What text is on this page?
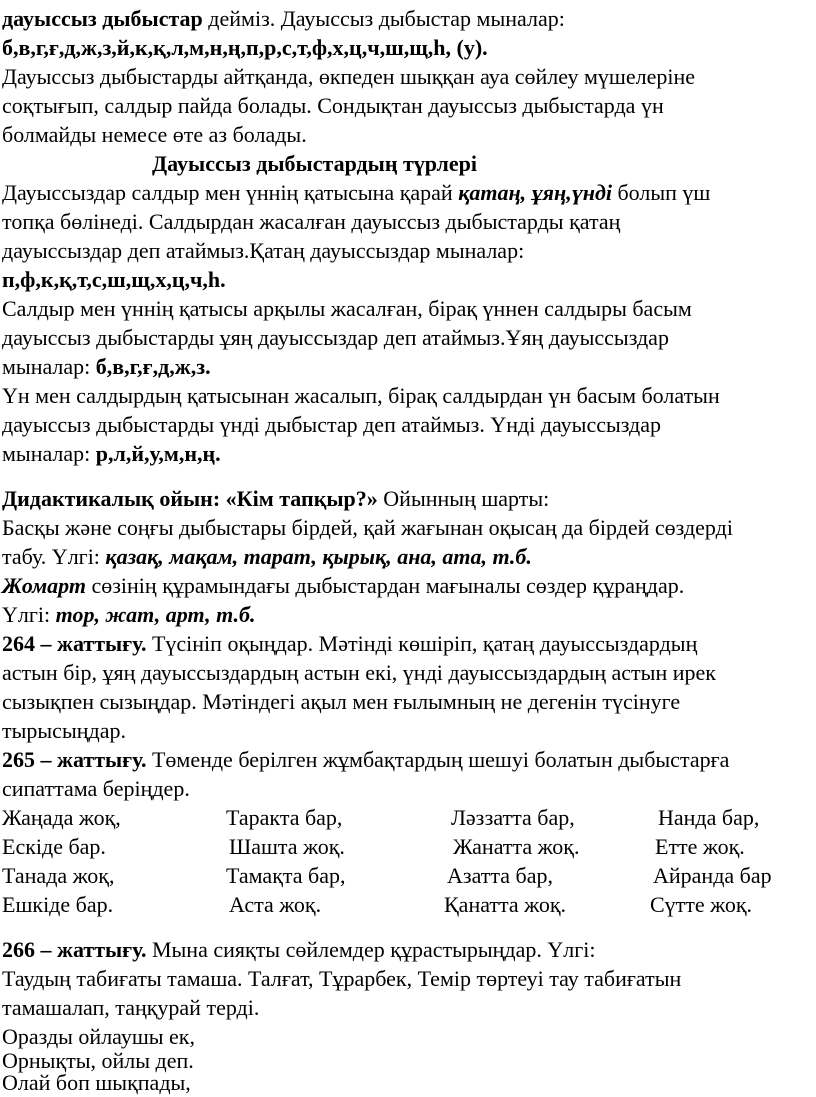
дауыссыз дыбыстар дейміз. Дауыссыз дыбыстар мыналар:
б,в,г,ғ,д,ж,з,й,к,қ,л,м,н,ң,п,р,с,т,ф,х,ц,ч,ш,щ,һ, (у).
Дауыссыз дыбыстарды айтқанда, өкпеден шыққан ауа сөйлеу мүшелеріне
соқтығып, салдыр пайда болады. Сондықтан дауыссыз дыбыстарда үн
болмайды немесе өте аз болады.
Дауыссыз дыбыстардың түрлері
Дауыссыздар салдыр мен үннің қатысына қарай қатаң, ұяң,үнді болып үш
топқа бөлінеді. Салдырдан жасалған дауыссыз дыбыстарды қатаң
дауыссыздар деп атаймыз.Қатаң дауыссыздар мыналар:
п,ф,к,қ,т,с,ш,щ,х,ц,ч,һ.
Салдыр мен үннің қатысы арқылы жасалған, бірақ үннен салдыры басым
дауыссыз дыбыстарды ұяң дауыссыздар деп атаймыз.Ұяң дауыссыздар
мыналар: б,в,г,ғ,д,ж,з.
Үн мен салдырдың қатысынан жасалып, бірақ салдырдан үн басым болатын
дауыссыз дыбыстарды үнді дыбыстар деп атаймыз. Үнді дауыссыздар
мыналар: р,л,й,у,м,н,ң.
Дидактикалық ойын: «Кім тапқыр?» Ойынның шарты:
Басқы және соңғы дыбыстары бірдей, қай жағынан оқысаң да бірдей сөздерді
табу. Үлгі: қазақ, мақам, тарат, қырық, ана, ата, т.б.
Жомарт сөзінің құрамындағы дыбыстардан мағыналы сөздер құраңдар.
Үлгі: тор, жат, арт, т.б.
264 – жаттығу. Түсініп оқыңдар. Мәтінді көшіріп, қатаң дауыссыздардың
астын бір, ұяң дауыссыздардың астын екі, үнді дауыссыздардың астын ирек
сызықпен сызыңдар. Мәтіндегі ақыл мен ғылымның не дегенін түсінуге
тырысыңдар.
265 – жаттығу. Төменде берілген жұмбақтардың шешуі болатын дыбыстарға
сипаттама беріңдер.
Жаңада жоқ,	Таракта бар,	Ләззатта бар,	Нанда бар,
Ескіде бар.	Шашта жоқ.	Жанатта жоқ.	Етте жоқ.
Танада жоқ,	Тамақта бар,	Азатта бар,	Айранда бар
Ешкіде бар.	Аста жоқ.	Қанатта жоқ.	Сүтте жоқ.
266 – жаттығу. Мына сияқты сөйлемдер құрастырыңдар. Үлгі:
Таудың табиғаты тамаша. Талғат, Тұрарбек, Темір төртеуі тау табиғатын
тамашалап, таңқурай терді.
Оразды ойлаушы ек,
Орнықты, ойлы деп.
Олай боп шықпады,
